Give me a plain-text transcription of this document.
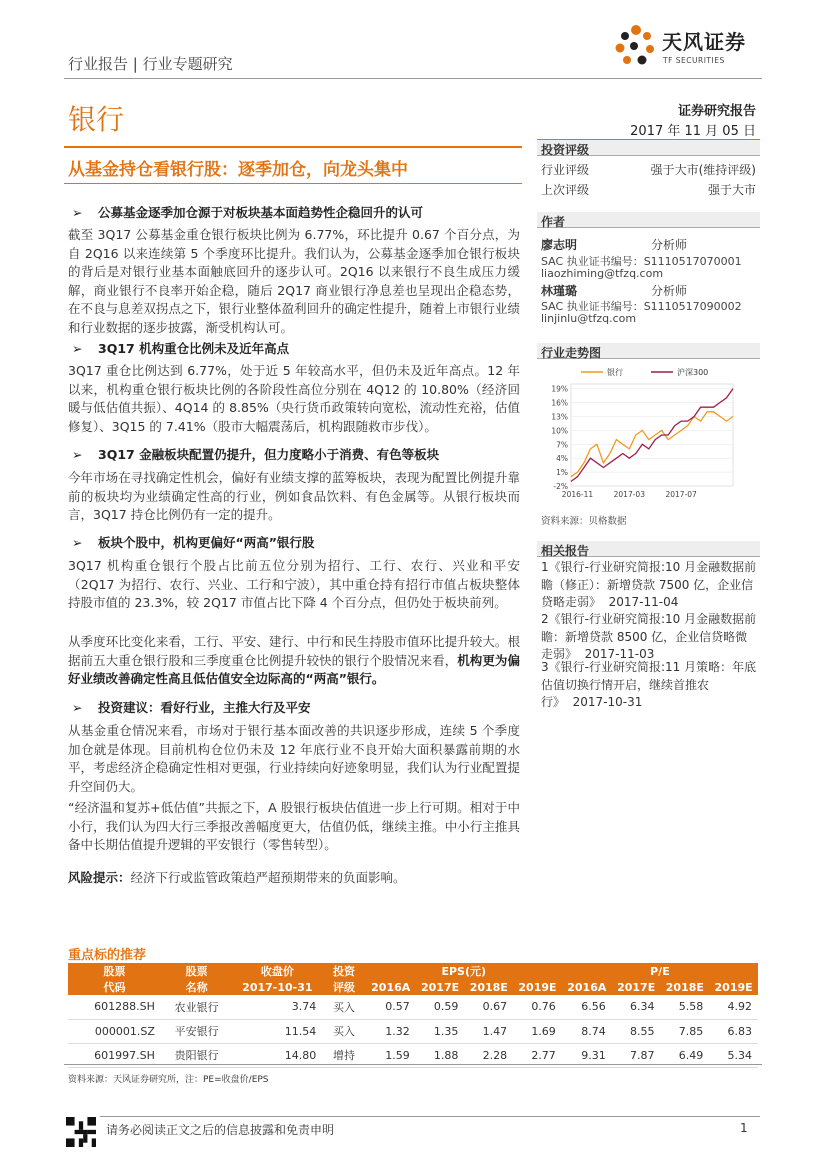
天风证券
TF SECURITIES
行业报告 | 行业专题研究
银行	证券研究报告
2017 年 11 月 05 日
从基金持仓看银行股：逐季加仓，向龙头集中
➢ 公募基金逐季加仓源于对板块基本面趋势性企稳回升的认可
截至 3Q17 公募基金重仓银行板块比例为 6.77%，环比提升 0.67 个百分点，为自 2Q16 以来连续第 5 个季度环比提升。我们认为，公募基金逐季加仓银行板块的背后是对银行业基本面触底回升的逐步认可。2Q16 以来银行不良生成压力缓解，商业银行不良率开始企稳，随后 2Q17 商业银行净息差也呈现出企稳态势，在不良与息差双拐点之下，银行业整体盈利回升的确定性提升，随着上市银行业绩和行业数据的逐步披露，渐受机构认可。
➢ 3Q17 机构重仓比例未及近年高点
3Q17 重仓比例达到 6.77%，处于近 5 年较高水平，但仍未及近年高点。12 年以来，机构重仓银行板块比例的各阶段性高位分别在 4Q12 的 10.80%（经济回暖与低估值共振）、4Q14 的 8.85%（央行货币政策转向宽松，流动性充裕，估值修复）、3Q15 的 7.41%（股市大幅震荡后，机构跟随救市步伐）。
➢ 3Q17 金融板块配置仍提升，但力度略小于消费、有色等板块
今年市场在寻找确定性机会，偏好有业绩支撑的蓝筹板块，表现为配置比例提升靠前的板块均为业绩确定性高的行业，例如食品饮料、有色金属等。从银行板块而言，3Q17 持仓比例仍有一定的提升。
➢ 板块个股中，机构更偏好“两高”银行股
3Q17 机构重仓银行个股占比前五位分别为招行、工行、农行、兴业和平安（2Q17 为招行、农行、兴业、工行和宁波），其中重仓持有招行市值占板块整体持股市值的 23.3%，较 2Q17 市值占比下降 4 个百分点，但仍处于板块前列。
从季度环比变化来看，工行、平安、建行、中行和民生持股市值环比提升较大。根据前五大重仓银行股和三季度重仓比例提升较快的银行个股情况来看，机构更为偏好业绩改善确定性高且低估值安全边际高的“两高”银行。
➢ 投资建议：看好行业，主推大行及平安
从基金重仓情况来看，市场对于银行基本面改善的共识逐步形成，连续 5 个季度加仓就是体现。目前机构仓位仍未及 12 年底行业不良开始大面积暴露前期的水平，考虑经济企稳确定性相对更强，行业持续向好迹象明显，我们认为行业配置提升空间仍大。
“经济温和复苏+低估值”共振之下，A 股银行板块估值进一步上行可期。相对于中小行，我们认为四大行三季报改善幅度更大，估值仍低，继续主推。中小行主推具备中长期估值提升逻辑的平安银行（零售转型）。
风险提示：经济下行或监管政策趋严超预期带来的负面影响。
投资评级
行业评级	强于大市(维持评级)
上次评级	强于大市
作者
廖志明	分析师
SAC 执业证书编号：S1110517070001
liaozhiming@tfzq.com
林瑾璐	分析师
SAC 执业证书编号：S1110517090002
linjinlu@tfzq.com
行业走势图
-2%
1%
4%
7%
10%
13%
16%
19%
2016-11	2017-03	2017-07
银行	沪深300
资料来源：贝格数据
相关报告
1《银行-行业研究简报:10 月金融数据前瞻（修正）：新增贷款 7500 亿，企业信贷略走弱》 2017-11-04
2《银行-行业研究简报:10 月金融数据前瞻：新增贷款 8500 亿，企业信贷略微走弱》 2017-11-03
3《银行-行业研究简报:11 月策略：年底估值切换行情开启，继续首推农行》 2017-10-31
重点标的推荐
股票	股票	收盘价	投资	EPS(元)				P/E			
代码	名称	2017-10-31	评级	2016A	2017E	2018E	2019E	2016A	2017E	2018E	2019E
601288.SH	农业银行	3.74	买入	0.57	0.59	0.67	0.76	6.56	6.34	5.58	4.92
000001.SZ	平安银行	11.54	买入	1.32	1.35	1.47	1.69	8.74	8.55	7.85	6.83
601997.SH	贵阳银行	14.80	增持	1.59	1.88	2.28	2.77	9.31	7.87	6.49	5.34
资料来源：天风证券研究所，注：PE=收盘价/EPS
请务必阅读正文之后的信息披露和免责申明	1
